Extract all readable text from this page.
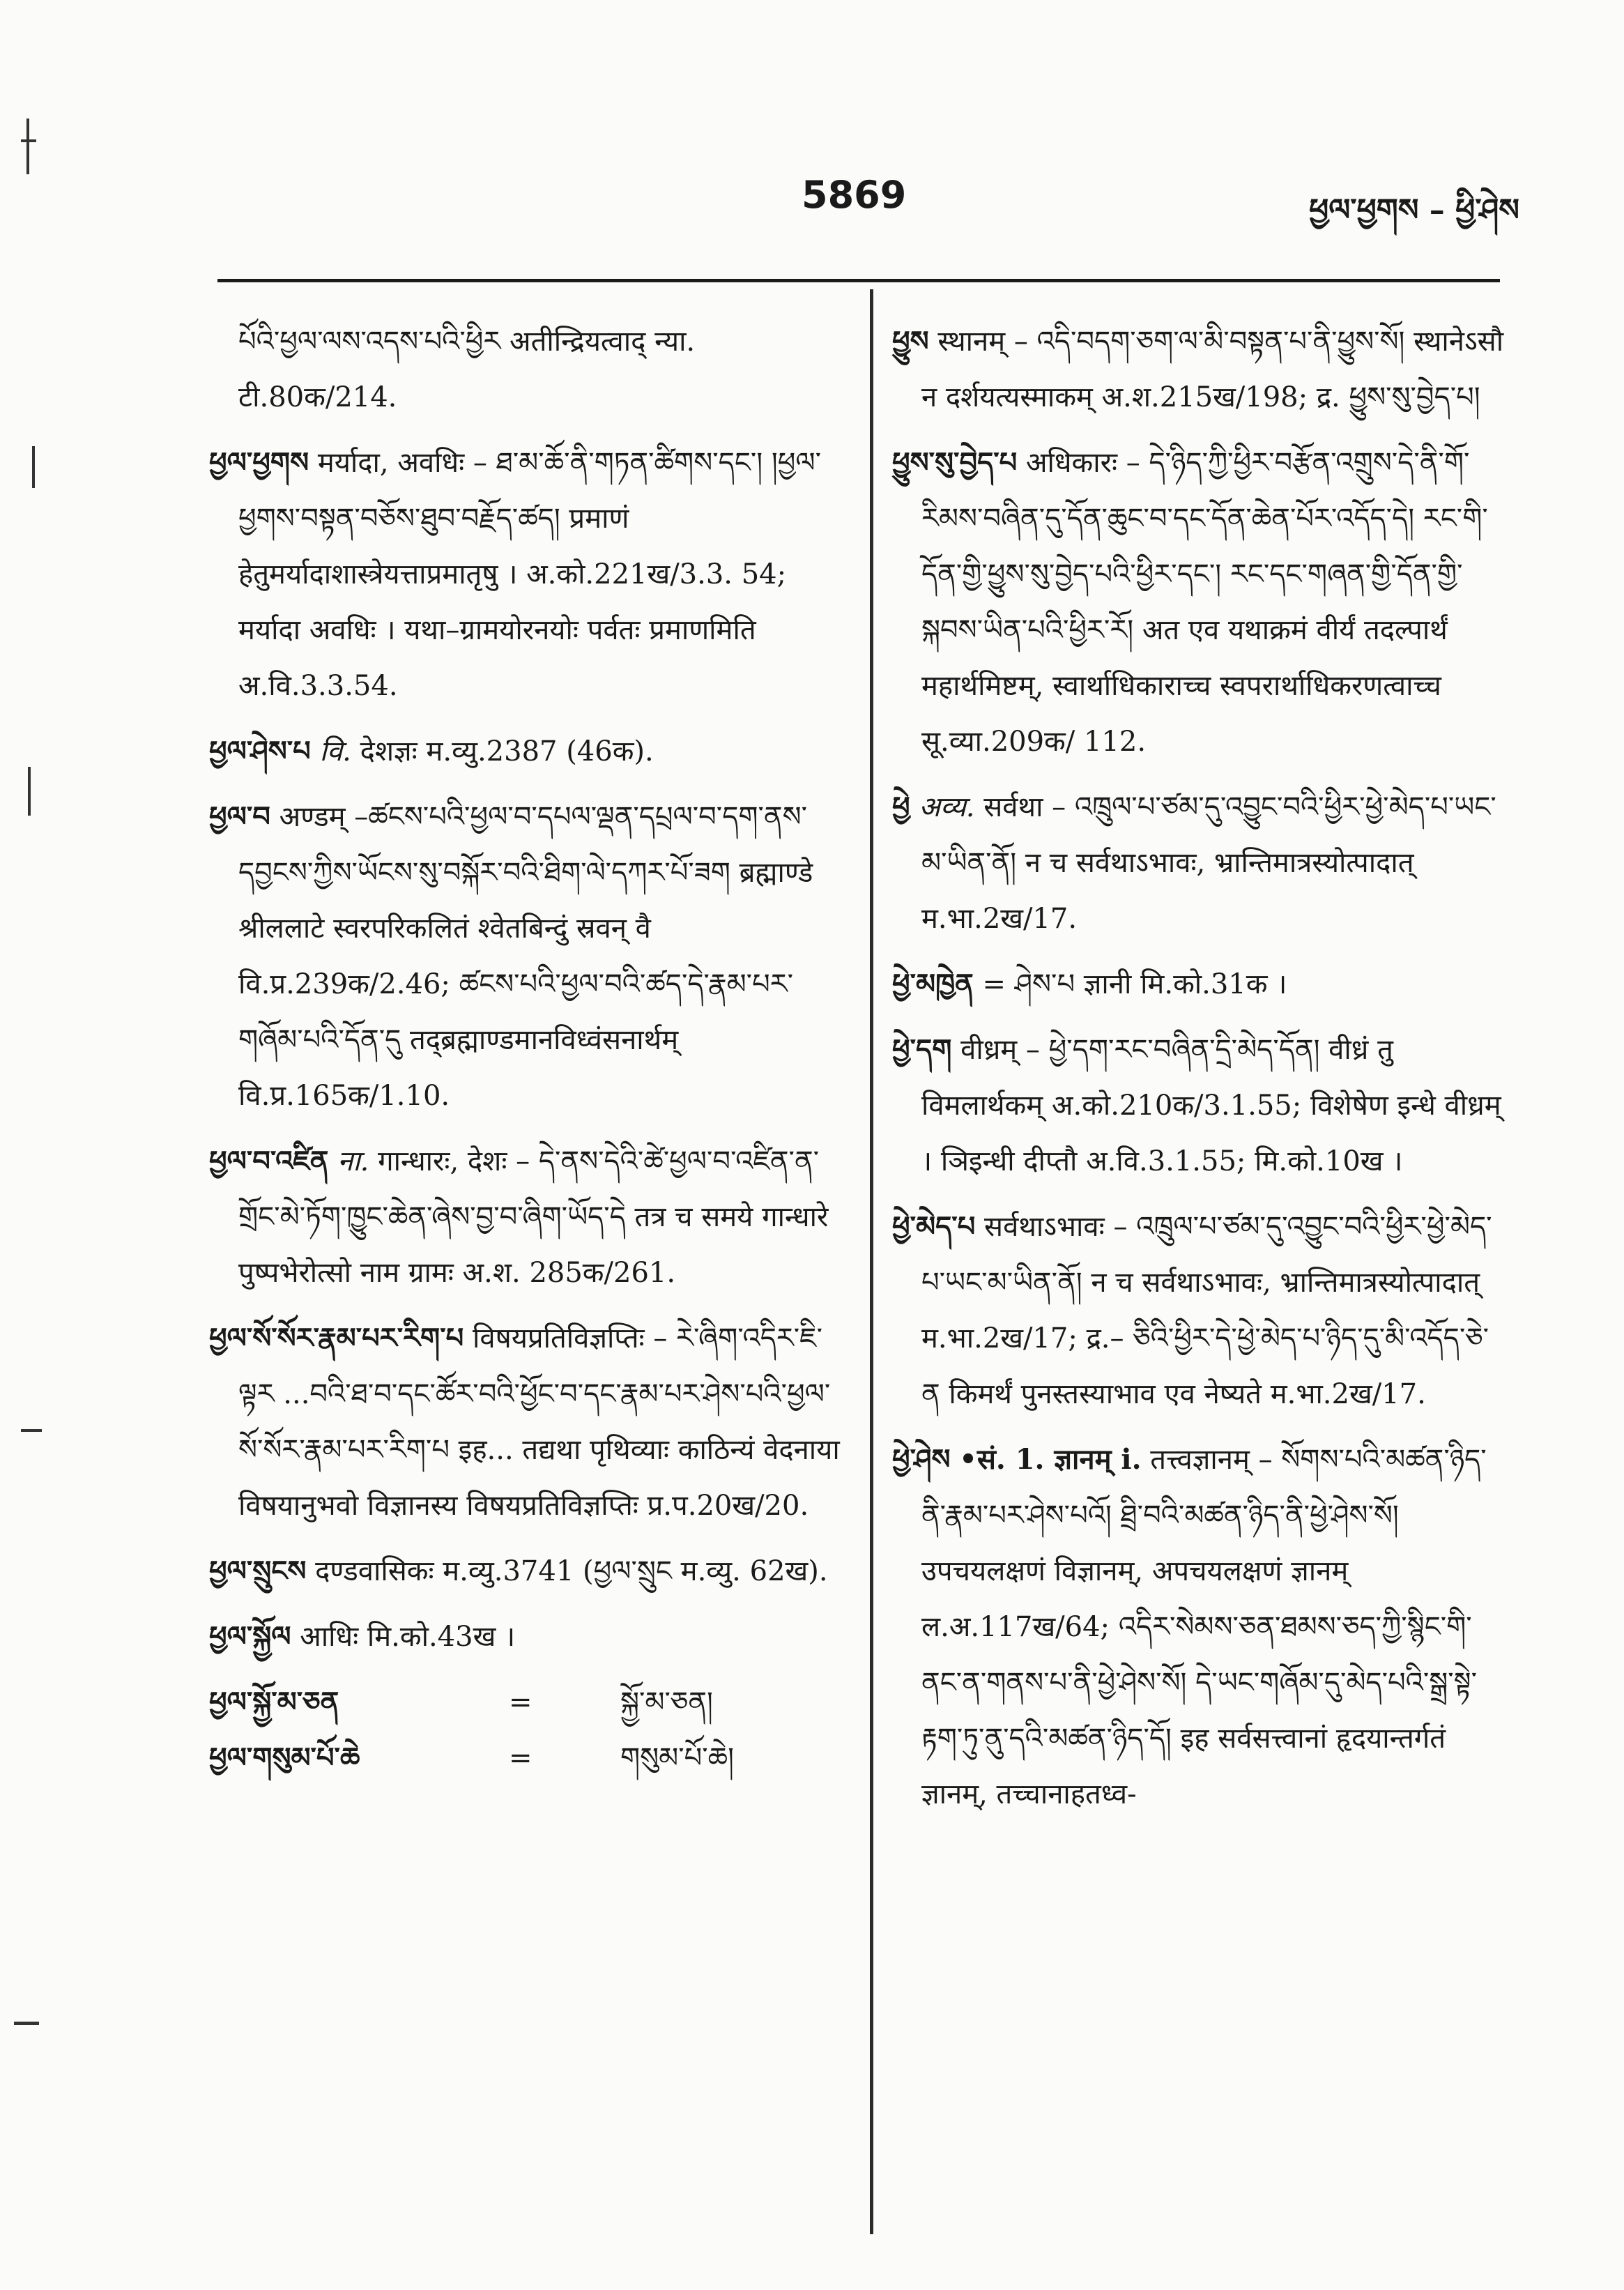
5869	ཕྱལ་ཕྱགས – ཕྱི་ཤེས

པོའི་ཕྱལ་ལས་འདས་པའི་ཕྱིར अतीन्द्रियत्वाद् न्या. टी.80क/214.

ཕྱལ་ཕྱགས मर्यादा, अवधिः – ཐ་མ་ཆོ་ནི་གཏན་ཚིགས་དང་། །ཕྱལ་ཕྱགས་བསྟན་བཅོས་ཐུབ་བརྗོད་ཚད། प्रमाणं हेतुमर्यादाशास्त्रेयत्ताप्रमातृषु । अ.को.221ख/3.3. 54; मर्यादा अवधिः । यथा–ग्रामयोरनयोः पर्वतः प्रमाणमिति अ.वि.3.3.54.

ཕྱལ་ཤེས་པ वि. देशज्ञः म.व्यु.2387 (46क).

ཕྱལ་བ अण्डम् –ཚངས་པའི་ཕྱལ་བ་དཔལ་ལྡན་དཔྲལ་བ་དག་ནས་དབྱངས་ཀྱིས་ཡོངས་སུ་བསྐོར་བའི་ཐིག་ལེ་དཀར་པོ་ཟག ब्रह्माण्डे श्रीललाटे स्वरपरिकलितं श्वेतबिन्दुं स्रवन् वै वि.प्र.239क/2.46; ཚངས་པའི་ཕྱལ་བའི་ཚད་དེ་རྣམ་པར་གཞོམ་པའི་དོན་དུ तद्ब्रह्माण्डमानविध्वंसनार्थम् वि.प्र.165क/1.10.

ཕྱལ་བ་འཛིན ना. गान्धारः, देशः – དེ་ནས་དེའི་ཚེ་ཕྱལ་བ་འཛིན་ན་གྲོང་མེ་ཏོག་ཁྱུང་ཆེན་ཞེས་བྱ་བ་ཞིག་ཡོད་དེ तत्र च समये गान्धारे पुष्पभेरोत्सो नाम ग्रामः अ.श. 285क/261.

ཕྱལ་སོ་སོར་རྣམ་པར་རིག་པ विषयप्रतिविज्ञप्तिः – རེ་ཞིག་འདིར་ཇི་ལྟར ...བའི་ཐ་བ་དང་ཚོར་བའི་ཕྱོང་བ་དང་རྣམ་པར་ཤེས་པའི་ཕྱལ་སོ་སོར་རྣམ་པར་རིག་པ इह... तद्यथा पृथिव्याः काठिन्यं वेदनाया विषयानुभवो विज्ञानस्य विषयप्रतिविज्ञप्तिः प्र.प.20ख/20.

ཕྱལ་སྲུངས दण्डवासिकः म.व्यु.3741 (ཕྱལ་སྲུང म.व्यु. 62ख).

ཕྱལ་སྐྱོལ आधिः मि.को.43ख ।

ཕྱལ་སྐྱོ་མ་ཅན	=	སྐྱོ་མ་ཅན།
ཕྱལ་གསུམ་པོ་ཆེ	=	གསུམ་པོ་ཆེ།

ཕྱུས स्थानम् – འདི་བདག་ཅག་ལ་མི་བསྟན་པ་ནི་ཕྱུས་སོ། स्थानेऽसौ न दर्शयत्यस्माकम् अ.श.215ख/198; द्र. ཕྱུས་སུ་བྱེད་པ།

ཕྱུས་སུ་བྱེད་པ अधिकारः – དེ་ཉིད་ཀྱི་ཕྱིར་བརྩོན་འགྲུས་དེ་ནི་གོ་རིམས་བཞིན་དུ་དོན་ཆུང་བ་དང་དོན་ཆེན་པོར་འདོད་དེ། རང་གི་དོན་གྱི་ཕྱུས་སུ་བྱེད་པའི་ཕྱིར་དང་། རང་དང་གཞན་གྱི་དོན་གྱི་སྐབས་ཡིན་པའི་ཕྱིར་རོ། अत एव यथाक्रमं वीर्यं तदल्पार्थं महार्थमिष्टम्, स्वार्थाधिकाराच्च स्वपरार्थाधिकरणत्वाच्च सू.व्या.209क/ 112.

ཕྱེ अव्य. सर्वथा – འཁྲུལ་པ་ཙམ་དུ་འབྱུང་བའི་ཕྱིར་ཕྱེ་མེད་པ་ཡང་མ་ཡིན་ནོ། न च सर्वथाऽभावः, भ्रान्तिमात्रस्योत्पादात् म.भा.2ख/17.

ཕྱེ་མཁྱེན = ཤེས་པ ज्ञानी मि.को.31क ।

ཕྱེ་དག वीध्रम् – ཕྱེ་དག་རང་བཞིན་དྲི་མེད་དོན། वीध्रं तु विमलार्थकम् अ.को.210क/3.1.55; विशेषेण इन्धे वीध्रम् । ञिइन्धी दीप्तौ अ.वि.3.1.55; मि.को.10ख ।

ཕྱེ་མེད་པ सर्वथाऽभावः – འཁྲུལ་པ་ཙམ་དུ་འབྱུང་བའི་ཕྱིར་ཕྱེ་མེད་པ་ཡང་མ་ཡིན་ནོ། न च सर्वथाऽभावः, भ्रान्तिमात्रस्योत्पादात् म.भा.2ख/17; द्र.– ཅིའི་ཕྱིར་དེ་ཕྱེ་མེད་པ་ཉིད་དུ་མི་འདོད་ཅེ་ན किमर्थं पुनस्तस्याभाव एव नेष्यते म.भा.2ख/17.

ཕྱེ་ཤེས •सं. 1. ज्ञानम् i. तत्त्वज्ञानम् – སོགས་པའི་མཚན་ཉིད་ནི་རྣམ་པར་ཤེས་པའོ། ཐྲི་བའི་མཚན་ཉིད་ནི་ཕྱེ་ཤེས་སོ། उपचयलक्षणं विज्ञानम्, अपचयलक्षणं ज्ञानम् ल.अ.117ख/64; འདིར་སེམས་ཅན་ཐམས་ཅད་ཀྱི་སྙིང་གི་ནང་ན་གནས་པ་ནི་ཕྱེ་ཤེས་སོ། དེ་ཡང་གཞོམ་དུ་མེད་པའི་སྒྲ་སྟེ་རྟག་ཏུ་ནུ་དའི་མཚན་ཉིད་དོ། इह सर्वसत्त्वानां हृदयान्तर्गतं ज्ञानम्, तच्चानाहतध्व-
